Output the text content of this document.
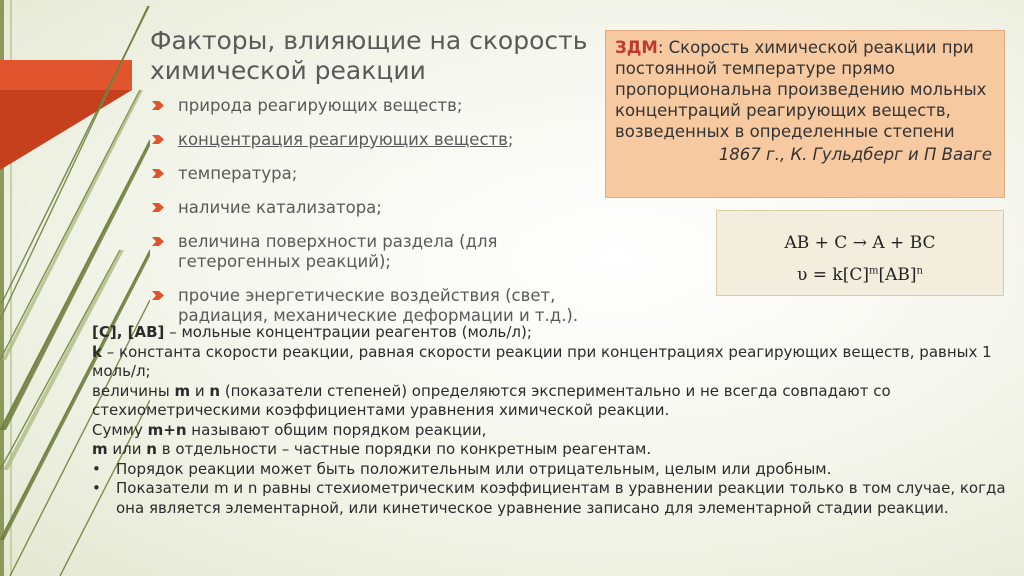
Факторы, влияющие на скорость химической реакции
природа реагирующих веществ;
концентрация реагирующих веществ;
температура;
наличие катализатора;
величина поверхности раздела (для гетерогенных реакций);
прочие энергетические воздействия (свет, радиация, механические деформации и т.д.).
ЗДМ: Скорость химической реакции при постоянной температуре прямо пропорциональна произведению мольных концентраций реагирующих веществ, возведенных в определенные степени
1867 г., К. Гульдберг и П Вааге
AB + C → A + BC
$\upsilon = k[C]^m[AB]^n$

[C], [AB] – мольные концентрации реагентов (моль/л);

k – константа скорости реакции, равная скорости реакции при концентрациях реагирующих веществ, равных 1 моль/л;

величины m и n (показатели степеней) определяются экспериментально и не всегда совпадают со стехиометрическими коэффициентами уравнения химической реакции.

Сумму m+n называют общим порядком реакции,

m или n в отдельности – частные порядки по конкретным реагентам.

• Порядок реакции может быть положительным или отрицательным, целым или дробным.
• Показатели m и n равны стехиометрическим коэффициентам в уравнении реакции только в том случае, когда она является элементарной, или кинетическое уравнение записано для элементарной стадии реакции.
